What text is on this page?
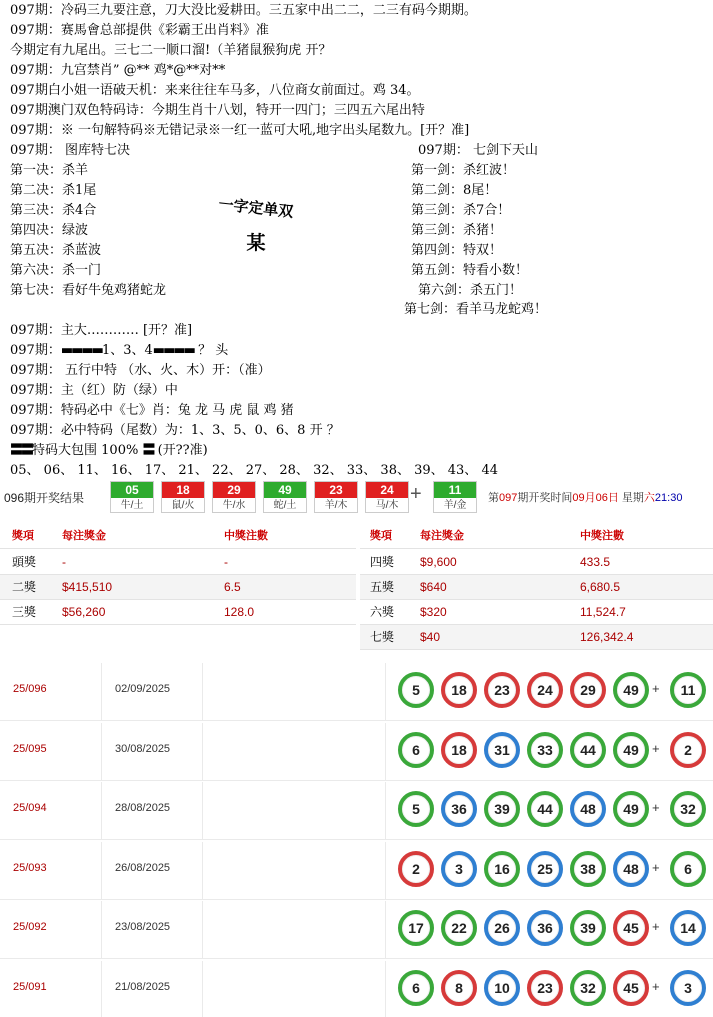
097期：冷码三九要注意，刀大没比爱耕田。三五家中出二二，二三有码今期期。
097期：赛馬會总部提供《彩霸王出肖料》准
今期定有九尾出。三七二一顺口溜!（羊猪鼠猴狗虎 开？
097期：九宫禁肖” @** 鸡*@**对**
097期白小姐一语破天机：来来往往车马多，八位商女前面过。鸡 34。
097期澳门双色特码诗：今期生肖十八划，特开一四门；三四五六尾出特
097期：※ 一句解特码※无错记录※一红一蓝可大吼,地字出头尾数九。[开？准]
097期： 图库特七决
第一决：杀羊
第二决：杀1尾
第三决：杀4合
第四决：绿波
第五决：杀蓝波
第六决：杀一门
第七决：看好牛兔鸡猪蛇龙
一字定单双
某
097期： 七剑下天山
第一剑：杀红波！
第二剑：8尾！
第三剑：杀7合！
第三剑：杀猪！
第四剑：特双！
第五剑：特看小数！
第六剑：杀五门！
第七剑：看羊马龙蛇鸡！
097期：主大………… [开？准]
097期：▬▬▬▬1、3、4▬▬▬▬ ？ 头
097期： 五行中特 （水、火、木）开：（准）
097期：主（红）防（绿）中
097期：特码必中《七》肖：兔 龙 马 虎 鼠 鸡 猪
097期：必中特码（尾数）为：1、3、5、0、6、8 开 ？
〓〓特码大包围 100% 〓 (开??准)
05、 06、 11、 16、 17、 21、 22、 27、 28、 32、 33、 38、 39、 43、 44
096期开奖结果
05
牛/土
18
鼠/火
29
牛/水
49
蛇/土
23
羊/木
24
马/木
11
羊/金
+	第097期开奖时间09月06日 星期六21:30
獎項	每注獎金	中獎注數	獎項	每注獎金	中獎注數
頭獎 -	-
二獎 $415,510	6.5
三獎 $56,260	128.0
四獎 $9,600	433.5
五獎 $640	6,680.5
六獎 $320	11,524.7
七獎 $40	126,342.4
25/096	02/09/2025	5	18	23	24	29	49	+	11
25/095	30/08/2025	6	18	31	33	44	49	+	2
25/094	28/08/2025	5	36	39	44	48	49	+	32
25/093	26/08/2025	2	3	16	25	38	48	+	6
25/092	23/08/2025	17	22	26	36	39	45	+	14
25/091	21/08/2025	6	8	10	23	32	45	+	3
